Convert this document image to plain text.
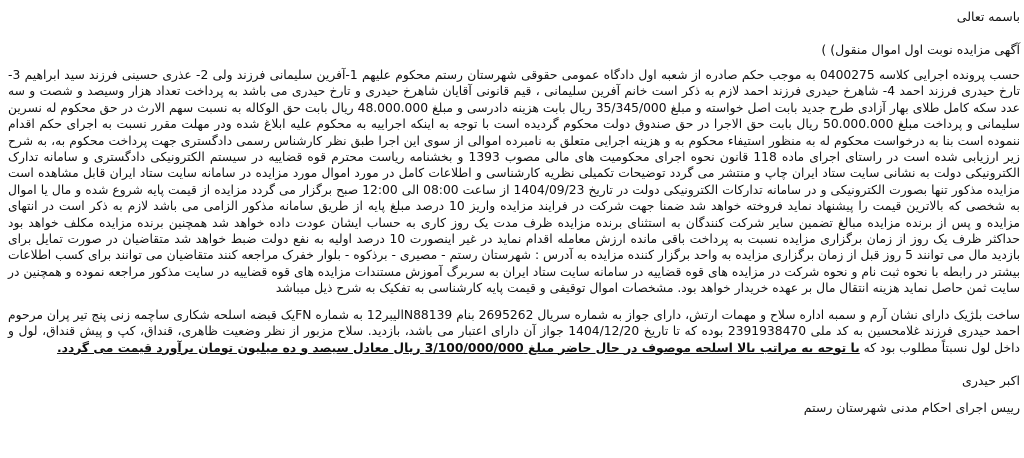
باسمه تعالی

آگهی مزایده نوبت اول اموال منقول) )

حسب پرونده اجرایی کلاسه 0400275 به موجب حکم صادره از شعبه اول دادگاه عمومی حقوقی شهرستان رستم محکوم علیهم 1-آفرین سلیمانی فرزند ولی 2- عذری حسینی فرزند سید ابراهیم 3- تارخ حیدری فرزند احمد 4- شاهرخ حیدری فرزند احمد لازم به ذکر است خانم آفرین سلیمانی ، قیم قانونی آقایان شاهرخ حیدری و تارخ حیدری می باشد به پرداخت تعداد هزار وسیصد و شصت و سه عدد سکه کامل طلای بهار آزادی طرح جدید بابت اصل خواسته و مبلغ 35/345/000 ریال بابت هزینه دادرسی و مبلغ 48.000.000 ریال بابت حق الوکاله به نسبت سهم الارث در حق محکوم له نسرین سلیمانی و پرداخت مبلغ 50.000.000 ریال بابت حق الاجرا در حق صندوق دولت محکوم گردیده است با توجه به اینکه اجراییه به محکوم علیه ابلاغ شده ودر مهلت مقرر نسبت به اجرای حکم اقدام ننموده است بنا به درخواست محکوم له به منظور استیفاء محکوم به و هزینه اجرایی متعلق به نامبرده اموالی از سوی این اجرا طبق نظر کارشناس رسمی دادگستری جهت پرداخت محکوم به، به شرح زیر ارزیابی شده است در راستای اجرای ماده 118 قانون نحوه اجرای محکومیت های مالی مصوب 1393 و بخشنامه ریاست محترم قوه قضاییه در سیستم الکترونیکی دادگستری و سامانه تدارک الکترونیکی دولت به نشانی سایت ستاد ایران چاپ و منتشر می گردد توضیحات تکمیلی نظریه کارشناسی و اطلاعات کامل در مورد اموال مورد مزایده در سامانه سایت ستاد ایران قابل مشاهده است مزایده مذکور تنها بصورت الکترونیکی و در سامانه تدارکات الکترونیکی دولت در تاریخ 1404/09/23 از ساعت 08:00 الی 12:00 صبح برگزار می گردد مزایده از قیمت پایه شروع شده و مال یا اموال به شخصی که بالاترین قیمت را پیشنهاد نماید فروخته خواهد شد ضمنا جهت شرکت در فرایند مزایده واریز 10 درصد مبلغ پایه از طریق سامانه مذکور الزامی می باشد لازم به ذکر است در انتهای مزایده و پس از برنده مزایده مبالغ تضمین سایر شرکت کنندگان به استثنای برنده مزایده ظرف مدت یک روز کاری به حساب ایشان عودت داده خواهد شد همچنین برنده مزایده مکلف خواهد بود حداکثر ظرف یک روز از زمان برگزاری مزایده نسبت به پرداخت باقی مانده ارزش معامله اقدام نماید در غیر اینصورت 10 درصد اولیه به نفع دولت ضبط خواهد شد متقاضیان در صورت تمایل برای بازدید مال می توانند 5 روز قبل از زمان برگزاری مزایده به واحد برگزار کننده مزایده به آدرس : شهرستان رستم - مصیری - برذکوه - بلوار خفرک مراجعه کنند متقاضیان می توانند برای کسب اطلاعات بیشتر در رابطه با نحوه ثبت نام و نحوه شرکت در مزایده های قوه قضاییه در سامانه سایت ستاد ایران به سربرگ آموزش مستندات مزایده های قوه قضاییه در سایت مذکور مراجعه نموده و همچنین در سایت ثمن حاصل نماید هزینه انتقال مال بر عهده خریدار خواهد بود. مشخصات اموال توقیفی و قیمت پایه کارشناسی به تفکیک به شرح ذیل میباشد

ساخت بلژیک دارای نشان آرم و سمبه اداره سلاح و مهمات ارتش، دارای جواز به شماره سریال 2695262 بنام N88139الیبر12 به شماره FNیک قبضه اسلحه شکاری ساچمه زنی پنج تیر پران مرحوم احمد حیدری فرزند غلامحسین به کد ملی 2391938470 بوده که تا تاریخ 1404/12/20 جواز آن دارای اعتبار می باشد، بازدید. سلاح مزبور از نظر وضعیت ظاهری، قنداق، کپ و پیش قنداق، لول و داخل لول نسبتاً مطلوب بود که با توجه به مراتب بالا اسلحه موصوف در حال حاضر مبلغ 3/100/000/000 ریال معادل سیصد و ده میلیون تومان برآورد قیمت می گردد.

اکبر حیدری

رییس اجرای احکام مدنی شهرستان رستم
